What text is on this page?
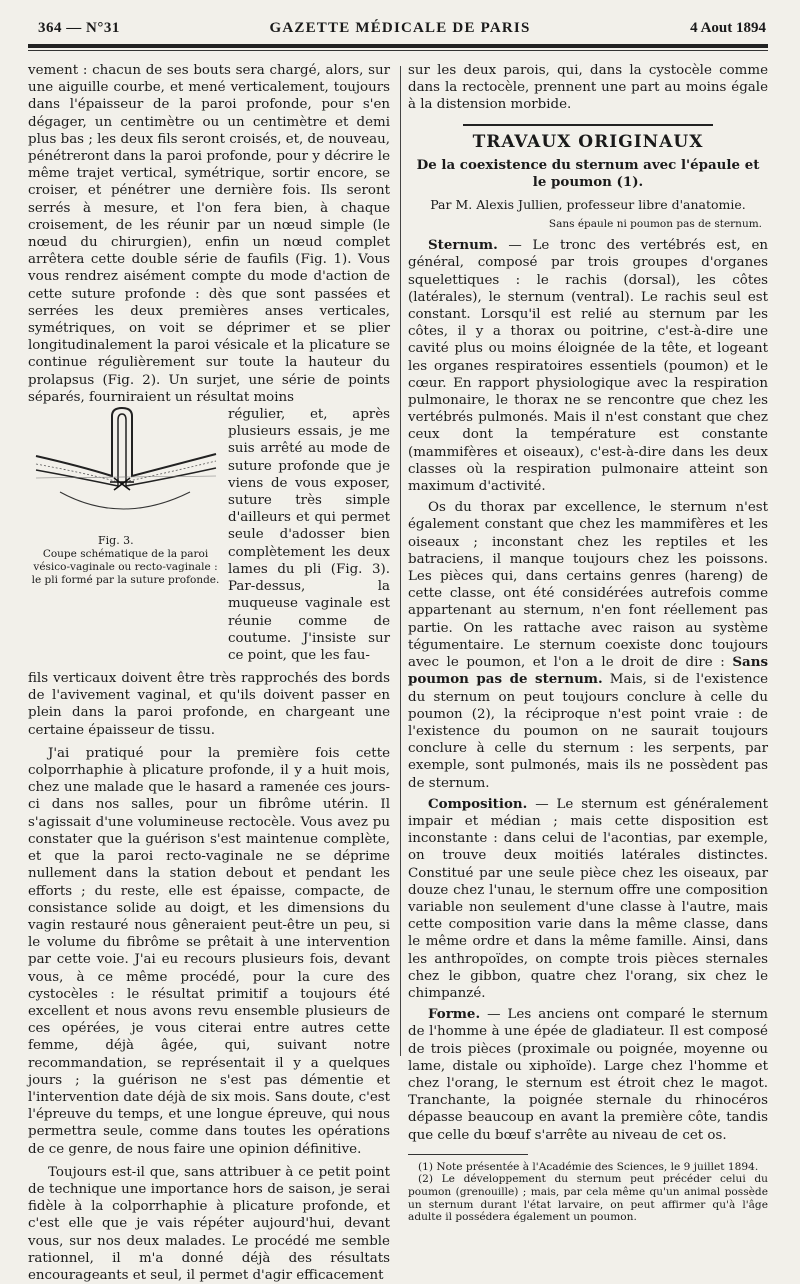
364 — N°31	GAZETTE MÉDICALE DE PARIS	4 Aout 1894

vement : chacun de ses bouts sera chargé, alors, sur une aiguille courbe, et mené verticalement, toujours dans l'épaisseur de la paroi profonde, pour s'en dégager, un centimètre ou un centimètre et demi plus bas ; les deux fils seront croisés, et, de nouveau, pénétreront dans la paroi profonde, pour y décrire le même trajet vertical, symétrique, sortir encore, se croiser, et pénétrer une dernière fois. Ils seront serrés à mesure, et l'on fera bien, à chaque croisement, de les réunir par un nœud simple (le nœud du chirurgien), enfin un nœud complet arrêtera cette double série de faufils (Fig. 1). Vous vous rendrez aisément compte du mode d'action de cette suture profonde : dès que sont passées et serrées les deux premières anses verticales, symétriques, on voit se déprimer et se plier longitudinalement la paroi vésicale et la plicature se continue régulièrement sur toute la hauteur du prolapsus (Fig. 2). Un surjet, une série de points séparés, fourniraient un résultat moins

Fig. 3.
Coupe schématique de la paroi vésico-vaginale ou recto-vaginale : le pli formé par la suture profonde.
régulier, et, après plusieurs essais, je me suis arrêté au mode de suture profonde que je viens de vous exposer, suture très simple d'ailleurs et qui permet seule d'adosser bien complètement les deux lames du pli (Fig. 3). Par-dessus, la muqueuse vaginale est réunie comme de coutume. J'insiste sur ce point, que les fau-

fils verticaux doivent être très rapprochés des bords de l'avivement vaginal, et qu'ils doivent passer en plein dans la paroi profonde, en chargeant une certaine épaisseur de tissu.

J'ai pratiqué pour la première fois cette colporrhaphie à plicature profonde, il y a huit mois, chez une malade que le hasard a ramenée ces jours-ci dans nos salles, pour un fibrôme utérin. Il s'agissait d'une volumineuse rectocèle. Vous avez pu constater que la guérison s'est maintenue complète, et que la paroi recto-vaginale ne se déprime nullement dans la station debout et pendant les efforts ; du reste, elle est épaisse, compacte, de consistance solide au doigt, et les dimensions du vagin restauré nous gêneraient peut-être un peu, si le volume du fibrôme se prêtait à une intervention par cette voie. J'ai eu recours plusieurs fois, devant vous, à ce même procédé, pour la cure des cystocèles : le résultat primitif a toujours été excellent et nous avons revu ensemble plusieurs de ces opérées, je vous citerai entre autres cette femme, déjà âgée, qui, suivant notre recommandation, se représentait il y a quelques jours ; la guérison ne s'est pas démentie et l'intervention date déjà de six mois. Sans doute, c'est l'épreuve du temps, et une longue épreuve, qui nous permettra seule, comme dans toutes les opérations de ce genre, de nous faire une opinion définitive.

Toujours est-il que, sans attribuer à ce petit point de technique une importance hors de saison, je serai fidèle à la colporrhaphie à plicature profonde, et c'est elle que je vais répéter aujourd'hui, devant vous, sur nos deux malades. Le procédé me semble rationnel, il m'a donné déjà des résultats encourageants et seul, il permet d'agir efficacement

sur les deux parois, qui, dans la cystocèle comme dans la rectocèle, prennent une part au moins égale à la distension morbide.

TRAVAUX ORIGINAUX
De la coexistence du sternum avec l'épaule et le poumon (1).
Par M. Alexis Jullien, professeur libre d'anatomie.
Sans épaule ni poumon pas de sternum.

Sternum. — Le tronc des vertébrés est, en général, composé par trois groupes d'organes squelettiques : le rachis (dorsal), les côtes (latérales), le sternum (ventral). Le rachis seul est constant. Lorsqu'il est relié au sternum par les côtes, il y a thorax ou poitrine, c'est-à-dire une cavité plus ou moins éloignée de la tête, et logeant les organes respiratoires essentiels (poumon) et le cœur. En rapport physiologique avec la respiration pulmonaire, le thorax ne se rencontre que chez les vertébrés pulmonés. Mais il n'est constant que chez ceux dont la température est constante (mammifères et oiseaux), c'est-à-dire dans les deux classes où la respiration pulmonaire atteint son maximum d'activité.

Os du thorax par excellence, le sternum n'est également constant que chez les mammifères et les oiseaux ; inconstant chez les reptiles et les batraciens, il manque toujours chez les poissons. Les pièces qui, dans certains genres (hareng) de cette classe, ont été considérées autrefois comme appartenant au sternum, n'en font réellement pas partie. On les rattache avec raison au système tégumentaire. Le sternum coexiste donc toujours avec le poumon, et l'on a le droit de dire : Sans poumon pas de sternum. Mais, si de l'existence du sternum on peut toujours conclure à celle du poumon (2), la réciproque n'est point vraie : de l'existence du poumon on ne saurait toujours conclure à celle du sternum : les serpents, par exemple, sont pulmonés, mais ils ne possèdent pas de sternum.

Composition. — Le sternum est généralement impair et médian ; mais cette disposition est inconstante : dans celui de l'acontias, par exemple, on trouve deux moitiés latérales distinctes. Constitué par une seule pièce chez les oiseaux, par douze chez l'unau, le sternum offre une composition variable non seulement d'une classe à l'autre, mais cette composition varie dans la même classe, dans le même ordre et dans la même famille. Ainsi, dans les anthropoïdes, on compte trois pièces sternales chez le gibbon, quatre chez l'orang, six chez le chimpanzé.

Forme. — Les anciens ont comparé le sternum de l'homme à une épée de gladiateur. Il est composé de trois pièces (proximale ou poignée, moyenne ou lame, distale ou xiphoïde). Large chez l'homme et chez l'orang, le sternum est étroit chez le magot. Tranchante, la poignée sternale du rhinocéros dépasse beaucoup en avant la première côte, tandis que celle du bœuf s'arrête au niveau de cet os.

(1) Note présentée à l'Académie des Sciences, le 9 juillet 1894.

(2) Le développement du sternum peut précéder celui du poumon (grenouille) ; mais, par cela même qu'un animal possède un sternum durant l'état larvaire, on peut affirmer qu'à l'âge adulte il possédera également un poumon.
